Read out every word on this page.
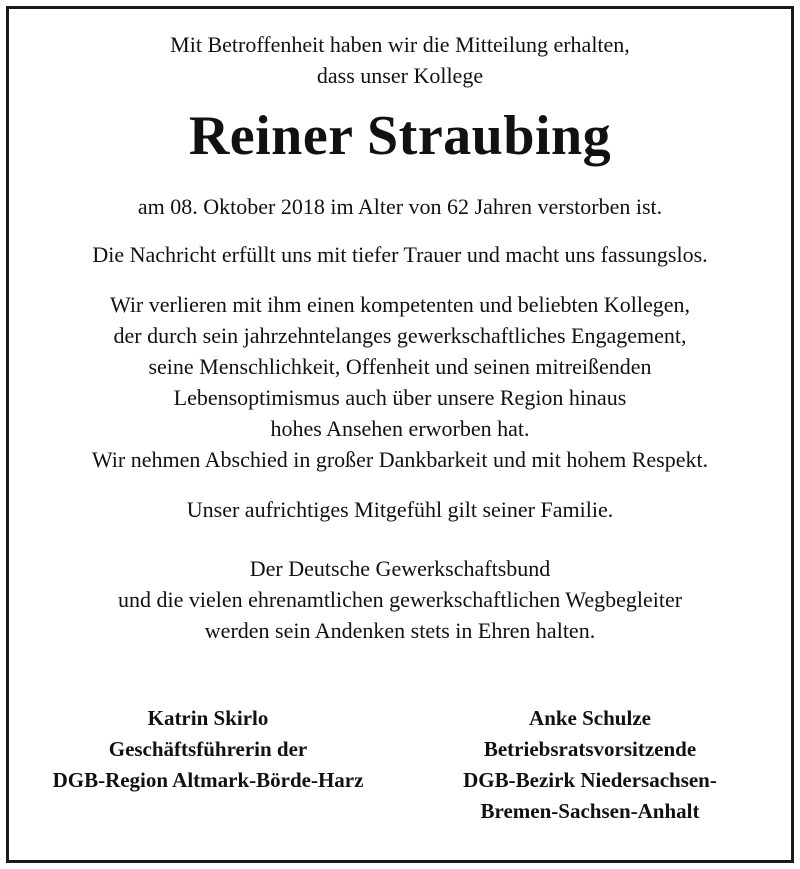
Mit Betroffenheit haben wir die Mitteilung erhalten,
dass unser Kollege
Reiner Straubing
am 08. Oktober 2018 im Alter von 62 Jahren verstorben ist.
Die Nachricht erfüllt uns mit tiefer Trauer und macht uns fassungslos.
Wir verlieren mit ihm einen kompetenten und beliebten Kollegen,
der durch sein jahrzehntelanges gewerkschaftliches Engagement,
seine Menschlichkeit, Offenheit und seinen mitreißenden
Lebensoptimismus auch über unsere Region hinaus
hohes Ansehen erworben hat.
Wir nehmen Abschied in großer Dankbarkeit und mit hohem Respekt.
Unser aufrichtiges Mitgefühl gilt seiner Familie.
Der Deutsche Gewerkschaftsbund
und die vielen ehrenamtlichen gewerkschaftlichen Wegbegleiter
werden sein Andenken stets in Ehren halten.
Katrin Skirlo
Geschäftsführerin der
DGB-Region Altmark-Börde-Harz
Anke Schulze
Betriebsratsvorsitzende
DGB-Bezirk Niedersachsen-
Bremen-Sachsen-Anhalt
